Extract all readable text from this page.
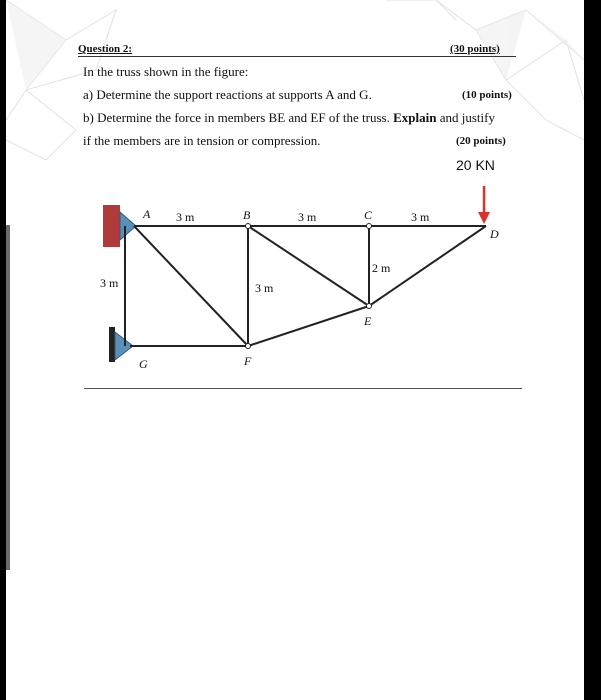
Question 2:	(30 points)
In the truss shown in the figure:
a) Determine the support reactions at supports A and G.	(10 points)
b) Determine the force in members BE and EF of the truss. Explain and justify
if the members are in tension or compression.	(20 points)
20 KN
A	B	C
D
E
F
G
3 m	3 m	3 m
3 m	3 m
2 m
